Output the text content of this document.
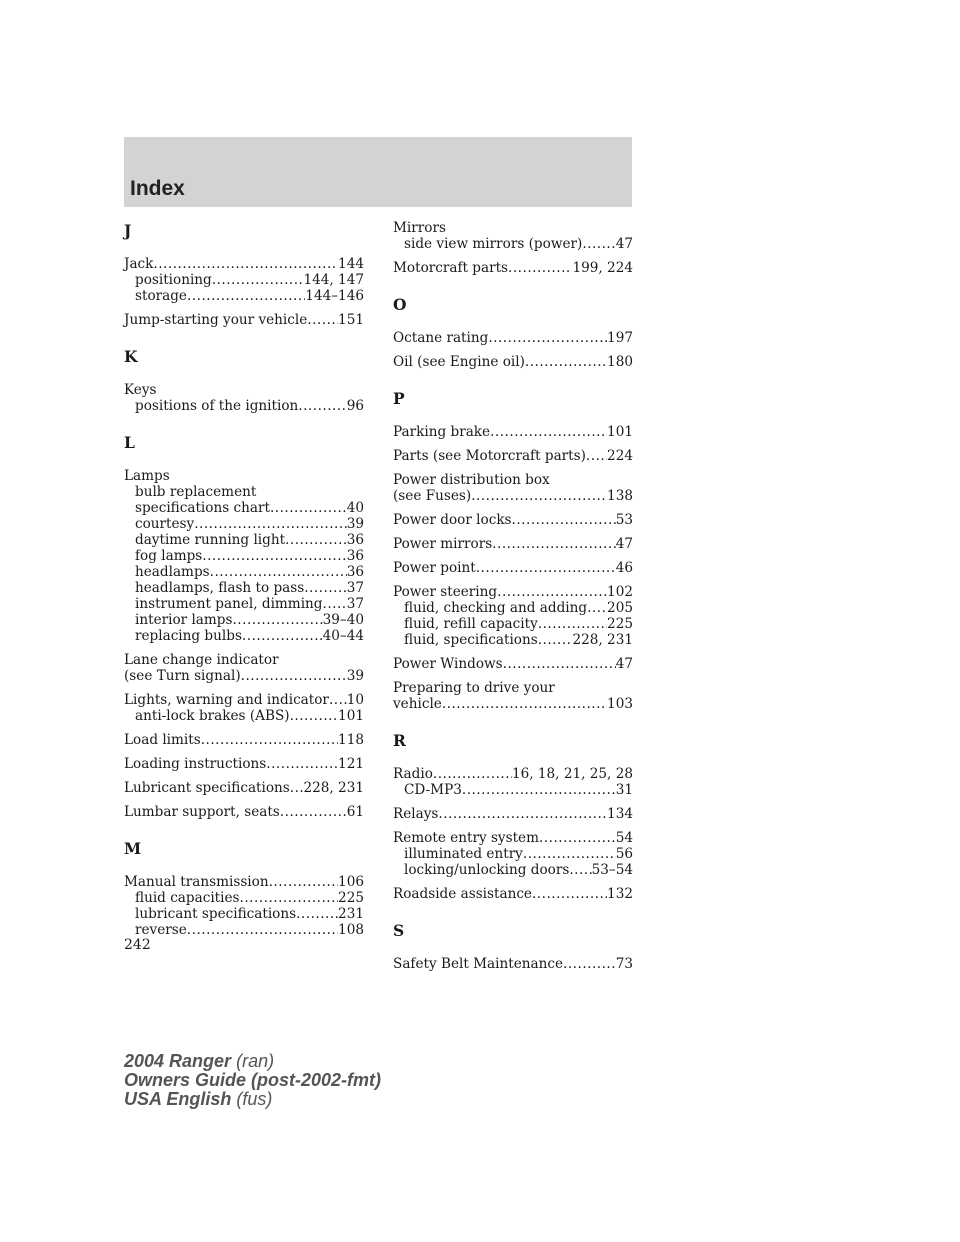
Index
J
Jack .....	144
positioning .....	144, 147
storage .....	144–146
Jump-starting your vehicle ..... 151
K
Keys
positions of the ignition .....	96
L
Lamps
bulb replacement
specifications chart .....	40
courtesy .....	39
daytime running light .....	36
fog lamps .....	36
headlamps .....	36
headlamps, flash to pass .....	37
instrument panel, dimming ..... 37
interior lamps .....	39–40
replacing bulbs .....	40–44
Lane change indicator
(see Turn signal) .....	39
Lights, warning and indicator ..... 10
anti-lock brakes (ABS) .....	101
Load limits .....	118
Loading instructions .....	121
Lubricant specifications ..... 228, 231
Lumbar support, seats .....	61
M
Manual transmission .....	106
fluid capacities .....	225
lubricant specifications .....	231
reverse .....	108
Mirrors
side view mirrors (power) ..... 47
Motorcraft parts .....	199, 224
O
Octane rating .....	197
Oil (see Engine oil) .....	180
P
Parking brake .....	101
Parts (see Motorcraft parts) ..... 224
Power distribution box
(see Fuses) .....	138
Power door locks .....	53
Power mirrors .....	47
Power point .....	46
Power steering .....	102
fluid, checking and adding ..... 205
fluid, refill capacity .....	225
fluid, specifications .....	228, 231
Power Windows .....	47
Preparing to drive your
vehicle .....	103
R
Radio .....	16, 18, 21, 25, 28
CD-MP3 .....	31
Relays .....	134
Remote entry system .....	54
illuminated entry .....	56
locking/unlocking doors ..... 53–54
Roadside assistance .....	132
S
Safety Belt Maintenance .....	73
242
2004 Ranger (ran)
Owners Guide (post-2002-fmt)
USA English (fus)
